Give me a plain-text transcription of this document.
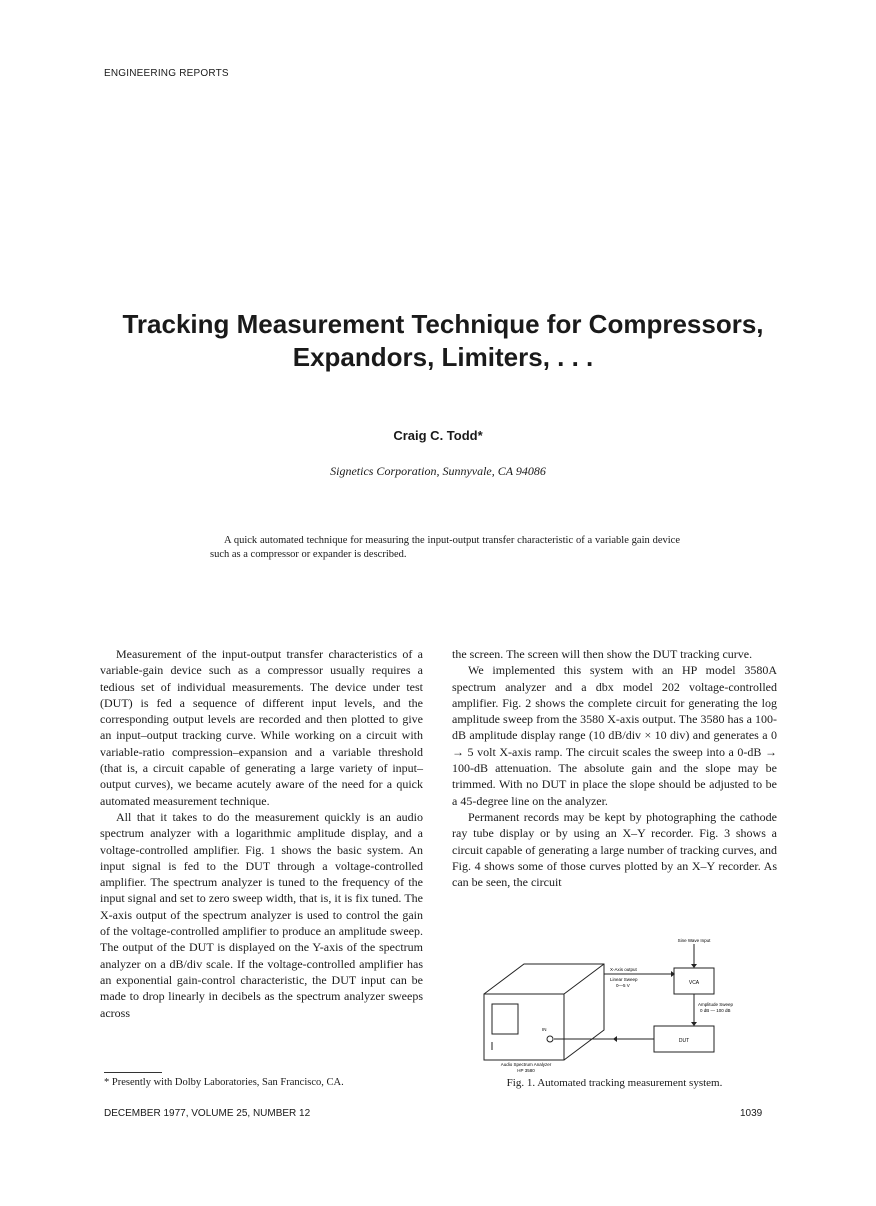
ENGINEERING REPORTS
Tracking Measurement Technique for Compressors,
Expandors, Limiters, . . .
Craig C. Todd*
Signetics Corporation, Sunnyvale, CA 94086
A quick automated technique for measuring the input-output transfer characteristic of a variable gain device such as a compressor or expander is described.

Measurement of the input-output transfer characteristics of a variable-gain device such as a compressor usually requires a tedious set of individual measurements. The device under test (DUT) is fed a sequence of different input levels, and the corresponding output levels are recorded and then plotted to give an input–output tracking curve. While working on a circuit with variable-ratio compression–expansion and a variable threshold (that is, a circuit capable of generating a large variety of input–output curves), we became acutely aware of the need for a quick automated measurement technique.

All that it takes to do the measurement quickly is an audio spectrum analyzer with a logarithmic amplitude display, and a voltage-controlled amplifier. Fig. 1 shows the basic system. An input signal is fed to the DUT through a voltage-controlled amplifier. The spectrum analyzer is tuned to the frequency of the input signal and set to zero sweep width, that is, it is fix tuned. The X-axis output of the spectrum analyzer is used to control the gain of the voltage-controlled amplifier to produce an amplitude sweep. The output of the DUT is displayed on the Y-axis of the spectrum analyzer on a dB/div scale. If the voltage-controlled amplifier has an exponential gain-control characteristic, the DUT input can be made to drop linearly in decibels as the spectrum analyzer sweeps across

the screen. The screen will then show the DUT tracking curve.

We implemented this system with an HP model 3580A spectrum analyzer and a dbx model 202 voltage-controlled amplifier. Fig. 2 shows the complete circuit for generating the log amplitude sweep from the 3580 X-axis output. The 3580 has a 100-dB amplitude display range (10 dB/div × 10 div) and generates a 0 → 5 volt X-axis ramp. The circuit scales the sweep into a 0-dB → 100-dB attenuation. The absolute gain and the slope may be trimmed. With no DUT in place the slope should be adjusted to be a 45-degree line on the analyzer.

Permanent records may be kept by photographing the cathode ray tube display or by using an X–Y recorder. Fig. 3 shows a circuit capable of generating a large number of tracking curves, and Fig. 4 shows some of those curves plotted by an X–Y recorder. As can be seen, the circuit

Sine Wave Input
X-Axis output
Linear Sweep
0—5 V	VCA
Amplitude Sweep
0 dB — 100 dB
DUT
IN
Audio Spectrum Analyzer
HP 3580
* Presently with Dolby Laboratories, San Francisco, CA.	Fig. 1. Automated tracking measurement system.
DECEMBER 1977, VOLUME 25, NUMBER 12	1039
